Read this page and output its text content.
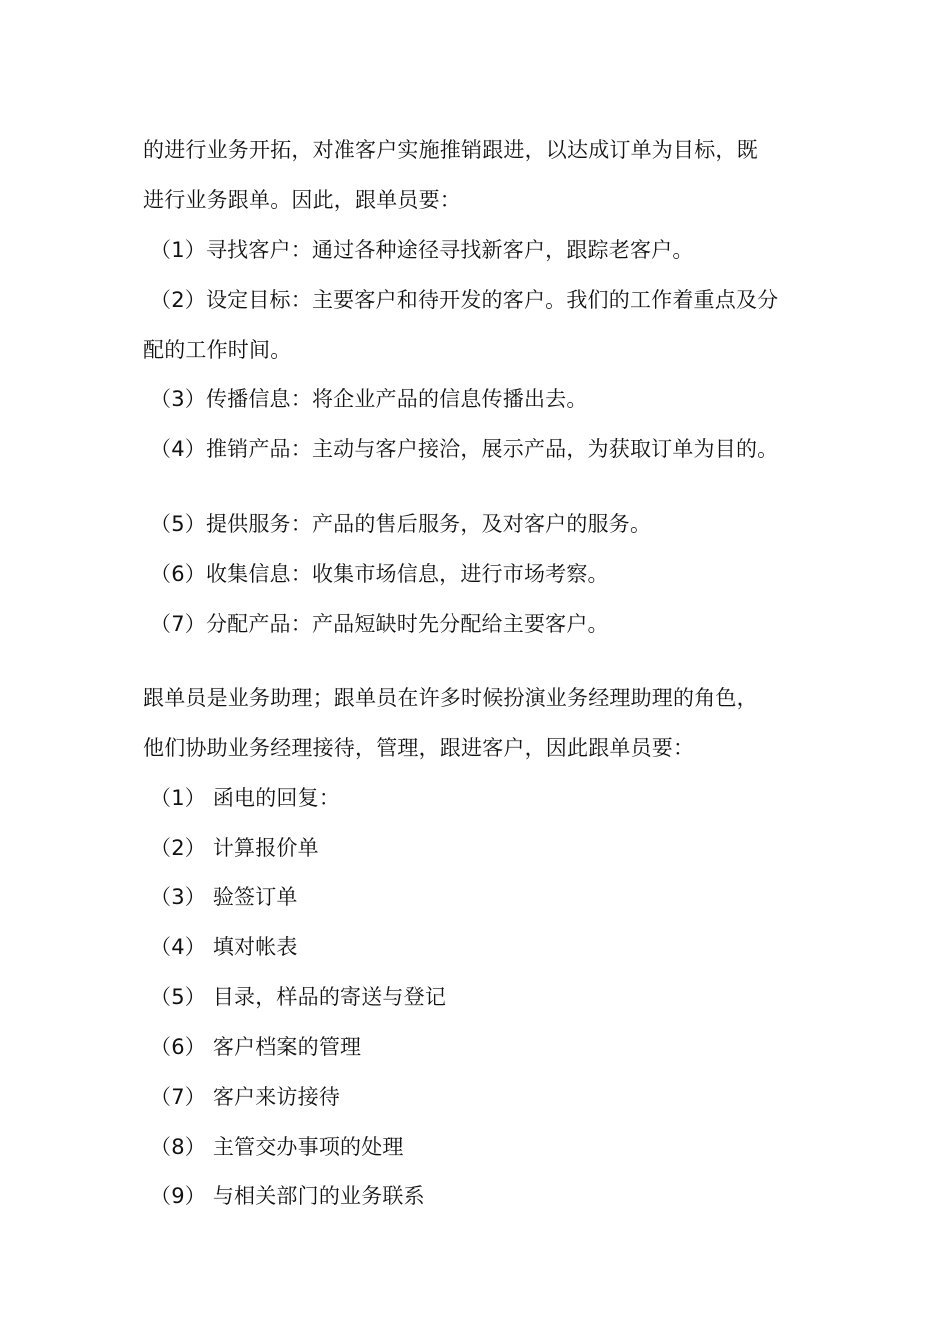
的进行业务开拓，对准客户实施推销跟进，以达成订单为目标，既
进行业务跟单。因此，跟单员要：
（1）寻找客户：通过各种途径寻找新客户，跟踪老客户。
（2）设定目标：主要客户和待开发的客户。我们的工作着重点及分
配的工作时间。
（3）传播信息：将企业产品的信息传播出去。
（4）推销产品：主动与客户接洽，展示产品，为获取订单为目的。
（5）提供服务：产品的售后服务，及对客户的服务。
（6）收集信息：收集市场信息，进行市场考察。
（7）分配产品：产品短缺时先分配给主要客户。
跟单员是业务助理；跟单员在许多时候扮演业务经理助理的角色，
他们协助业务经理接待，管理，跟进客户，因此跟单员要：
（1） 函电的回复：
（2） 计算报价单
（3） 验签订单
（4） 填对帐表
（5） 目录，样品的寄送与登记
（6） 客户档案的管理
（7） 客户来访接待
（8） 主管交办事项的处理
（9） 与相关部门的业务联系
